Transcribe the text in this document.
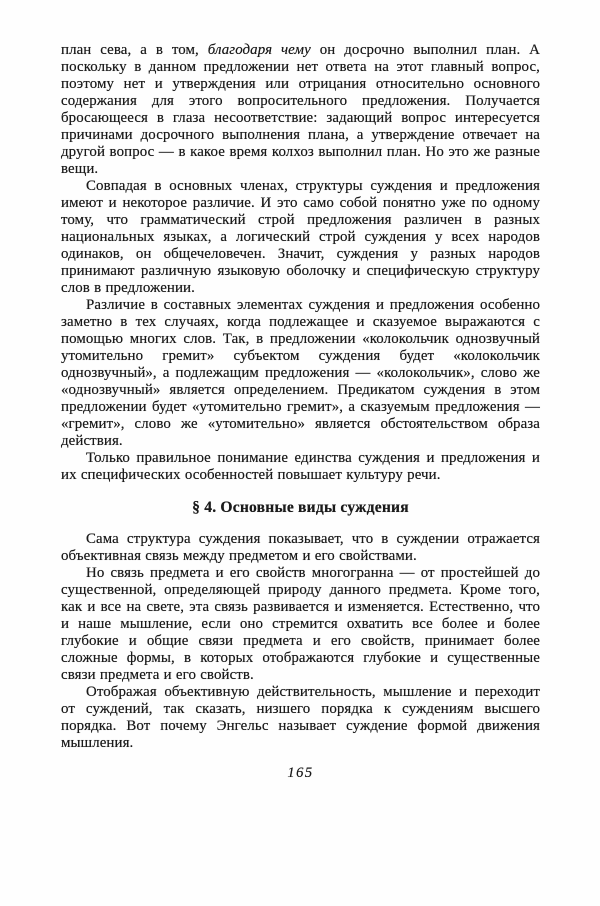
план сева, а в том, благодаря чему он досрочно выполнил план. А поскольку в данном предложении нет ответа на этот главный вопрос, поэтому нет и утверждения или отрицания относительно основного содержания для этого вопросительного предложения. Получается бросающееся в глаза несоответствие: задающий вопрос интересуется причинами досрочного выполнения плана, а утверждение отвечает на другой вопрос — в какое время колхоз выполнил план. Но это же разные вещи.

Совпадая в основных членах, структуры суждения и предложения имеют и некоторое различие. И это само собой понятно уже по одному тому, что грамматический строй предложения различен в разных национальных языках, а логический строй суждения у всех народов одинаков, он общечеловечен. Значит, суждения у разных народов принимают различную языковую оболочку и специфическую структуру слов в предложении.

Различие в составных элементах суждения и предложения особенно заметно в тех случаях, когда подлежащее и сказуемое выражаются с помощью многих слов. Так, в предложении «колокольчик однозвучный утомительно гремит» субъектом суждения будет «колокольчик однозвучный», а подлежащим предложения — «колокольчик», слово же «однозвучный» является определением. Предикатом суждения в этом предложении будет «утомительно гремит», а сказуемым предложения — «гремит», слово же «утомительно» является обстоятельством образа действия.

Только правильное понимание единства суждения и предложения и их специфических особенностей повышает культуру речи.

§ 4. Основные виды суждения

Сама структура суждения показывает, что в суждении отражается объективная связь между предметом и его свойствами.

Но связь предмета и его свойств многогранна — от простейшей до существенной, определяющей природу данного предмета. Кроме того, как и все на свете, эта связь развивается и изменяется. Естественно, что и наше мышление, если оно стремится охватить все более и более глубокие и общие связи предмета и его свойств, принимает более сложные формы, в которых отображаются глубокие и существенные связи предмета и его свойств.

Отображая объективную действительность, мышление и переходит от суждений, так сказать, низшего порядка к суждениям высшего порядка. Вот почему Энгельс называет суждение формой движения мышления.

165
